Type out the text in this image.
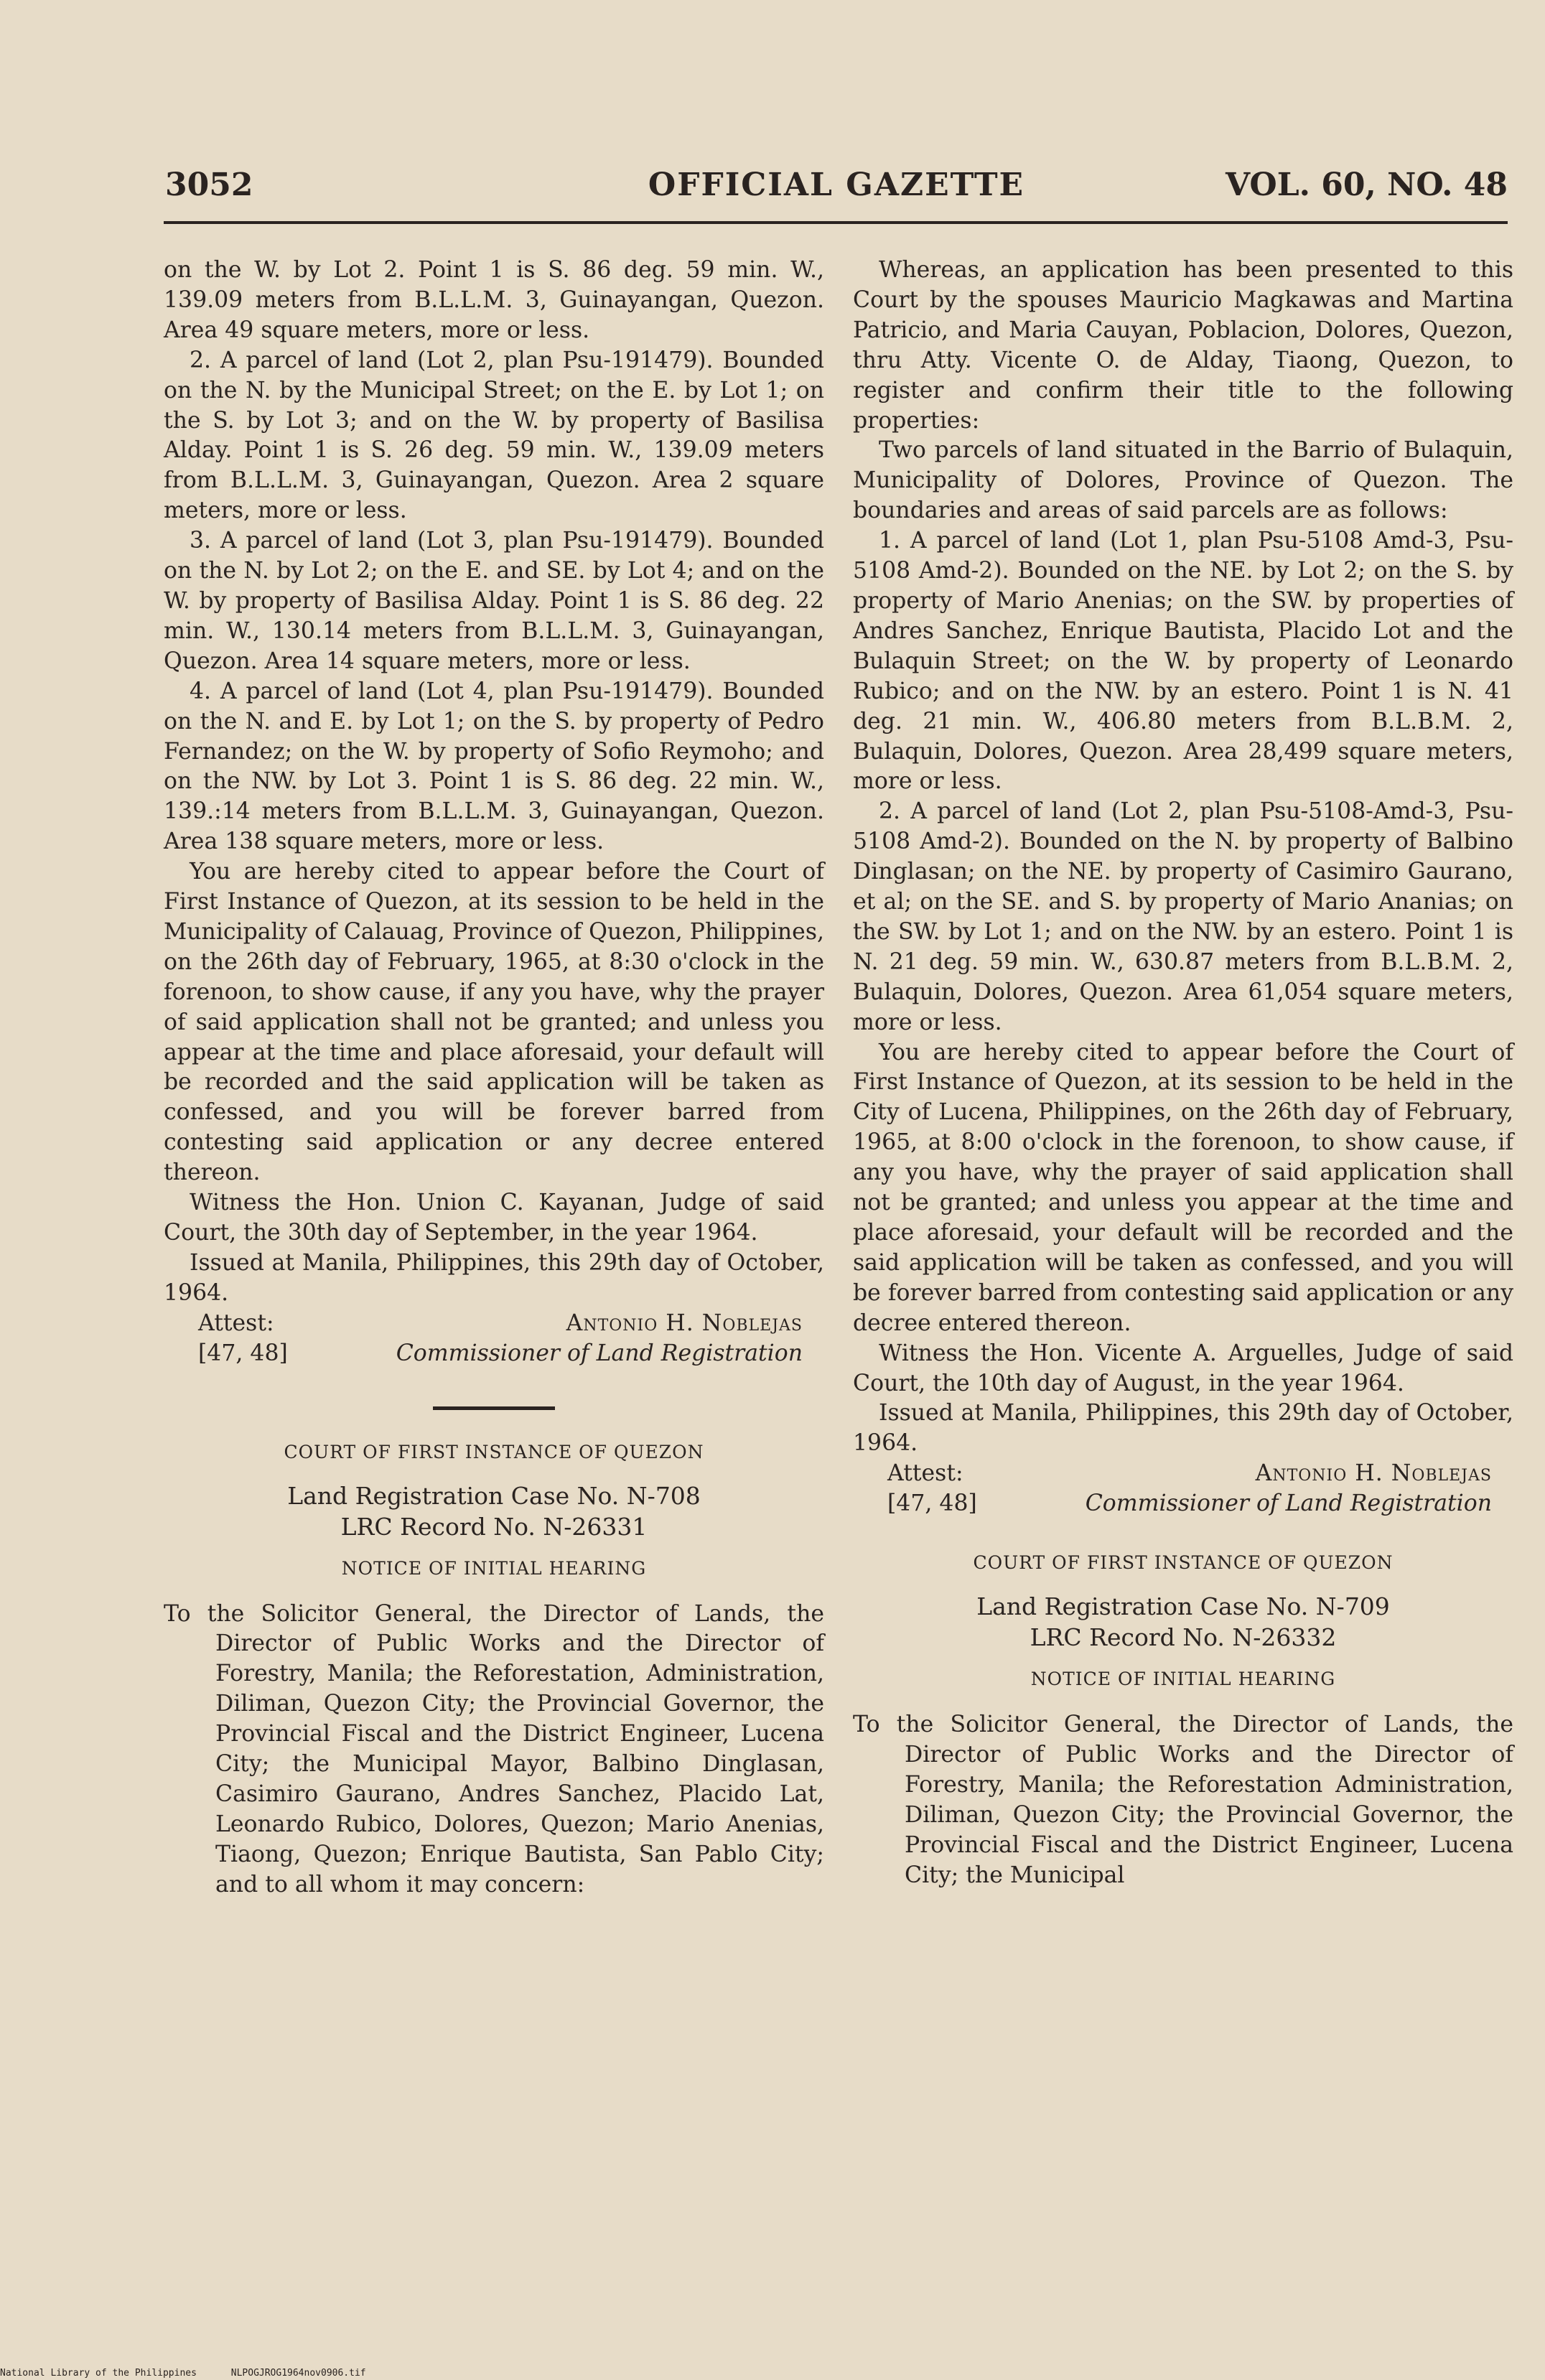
3052	OFFICIAL GAZETTE	VOL. 60, NO. 48

on the W. by Lot 2. Point 1 is S. 86 deg. 59 min. W., 139.09 meters from B.L.L.M. 3, Guinayangan, Quezon. Area 49 square meters, more or less.

2. A parcel of land (Lot 2, plan Psu-191479). Bounded on the N. by the Municipal Street; on the E. by Lot 1; on the S. by Lot 3; and on the W. by property of Basilisa Alday. Point 1 is S. 26 deg. 59 min. W., 139.09 meters from B.L.L.M. 3, Guinayangan, Quezon. Area 2 square meters, more or less.

3. A parcel of land (Lot 3, plan Psu-191479). Bounded on the N. by Lot 2; on the E. and SE. by Lot 4; and on the W. by property of Basilisa Alday. Point 1 is S. 86 deg. 22 min. W., 130.14 meters from B.L.L.M. 3, Guinayangan, Quezon. Area 14 square meters, more or less.

4. A parcel of land (Lot 4, plan Psu-191479). Bounded on the N. and E. by Lot 1; on the S. by property of Pedro Fernandez; on the W. by property of Sofio Reymoho; and on the NW. by Lot 3. Point 1 is S. 86 deg. 22 min. W., 139.:14 meters from B.L.L.M. 3, Guinayangan, Quezon. Area 138 square meters, more or less.

You are hereby cited to appear before the Court of First Instance of Quezon, at its session to be held in the Municipality of Calauag, Province of Quezon, Philippines, on the 26th day of February, 1965, at 8:30 o'clock in the forenoon, to show cause, if any you have, why the prayer of said application shall not be granted; and unless you appear at the time and place aforesaid, your default will be recorded and the said application will be taken as confessed, and you will be forever barred from contesting said application or any decree entered thereon.

Witness the Hon. Union C. Kayanan, Judge of said Court, the 30th day of September, in the year 1964.

Issued at Manila, Philippines, this 29th day of October, 1964.

Attest:
[47, 48]
Antonio H. Noblejas
Commissioner of Land Registration
COURT OF FIRST INSTANCE OF QUEZON
Land Registration Case No. N-708
LRC Record No. N-26331
NOTICE OF INITIAL HEARING

To the Solicitor General, the Director of Lands, the Director of Public Works and the Director of Forestry, Manila; the Reforestation, Administration, Diliman, Quezon City; the Provincial Governor, the Provincial Fiscal and the District Engineer, Lucena City; the Municipal Mayor, Balbino Dinglasan, Casimiro Gaurano, Andres Sanchez, Placido Lat, Leonardo Rubico, Dolores, Quezon; Mario Anenias, Tiaong, Quezon; Enrique Bautista, San Pablo City; and to all whom it may concern:

Whereas, an application has been presented to this Court by the spouses Mauricio Magkawas and Martina Patricio, and Maria Cauyan, Poblacion, Dolores, Quezon, thru Atty. Vicente O. de Alday, Tiaong, Quezon, to register and confirm their title to the following properties:

Two parcels of land situated in the Barrio of Bulaquin, Municipality of Dolores, Province of Quezon. The boundaries and areas of said parcels are as follows:

1. A parcel of land (Lot 1, plan Psu-5108 Amd-3, Psu-5108 Amd-2). Bounded on the NE. by Lot 2; on the S. by property of Mario Anenias; on the SW. by properties of Andres Sanchez, Enrique Bautista, Placido Lot and the Bulaquin Street; on the W. by property of Leonardo Rubico; and on the NW. by an estero. Point 1 is N. 41 deg. 21 min. W., 406.80 meters from B.L.B.M. 2, Bulaquin, Dolores, Quezon. Area 28,499 square meters, more or less.

2. A parcel of land (Lot 2, plan Psu-5108-Amd-3, Psu-5108 Amd-2). Bounded on the N. by property of Balbino Dinglasan; on the NE. by property of Casimiro Gaurano, et al; on the SE. and S. by property of Mario Ananias; on the SW. by Lot 1; and on the NW. by an estero. Point 1 is N. 21 deg. 59 min. W., 630.87 meters from B.L.B.M. 2, Bulaquin, Dolores, Quezon. Area 61,054 square meters, more or less.

You are hereby cited to appear before the Court of First Instance of Quezon, at its session to be held in the City of Lucena, Philippines, on the 26th day of February, 1965, at 8:00 o'clock in the forenoon, to show cause, if any you have, why the prayer of said application shall not be granted; and unless you appear at the time and place aforesaid, your default will be recorded and the said application will be taken as confessed, and you will be forever barred from contesting said application or any decree entered thereon.

Witness the Hon. Vicente A. Arguelles, Judge of said Court, the 10th day of August, in the year 1964.

Issued at Manila, Philippines, this 29th day of October, 1964.

Attest:
[47, 48]
Antonio H. Noblejas
Commissioner of Land Registration
COURT OF FIRST INSTANCE OF QUEZON
Land Registration Case No. N-709
LRC Record No. N-26332
NOTICE OF INITIAL HEARING

To the Solicitor General, the Director of Lands, the Director of Public Works and the Director of Forestry, Manila; the Reforestation Administration, Diliman, Quezon City; the Provincial Governor, the Provincial Fiscal and the District Engineer, Lucena City; the Municipal

National Library of the Philippines	NLPOGJROG1964nov0906.tif
